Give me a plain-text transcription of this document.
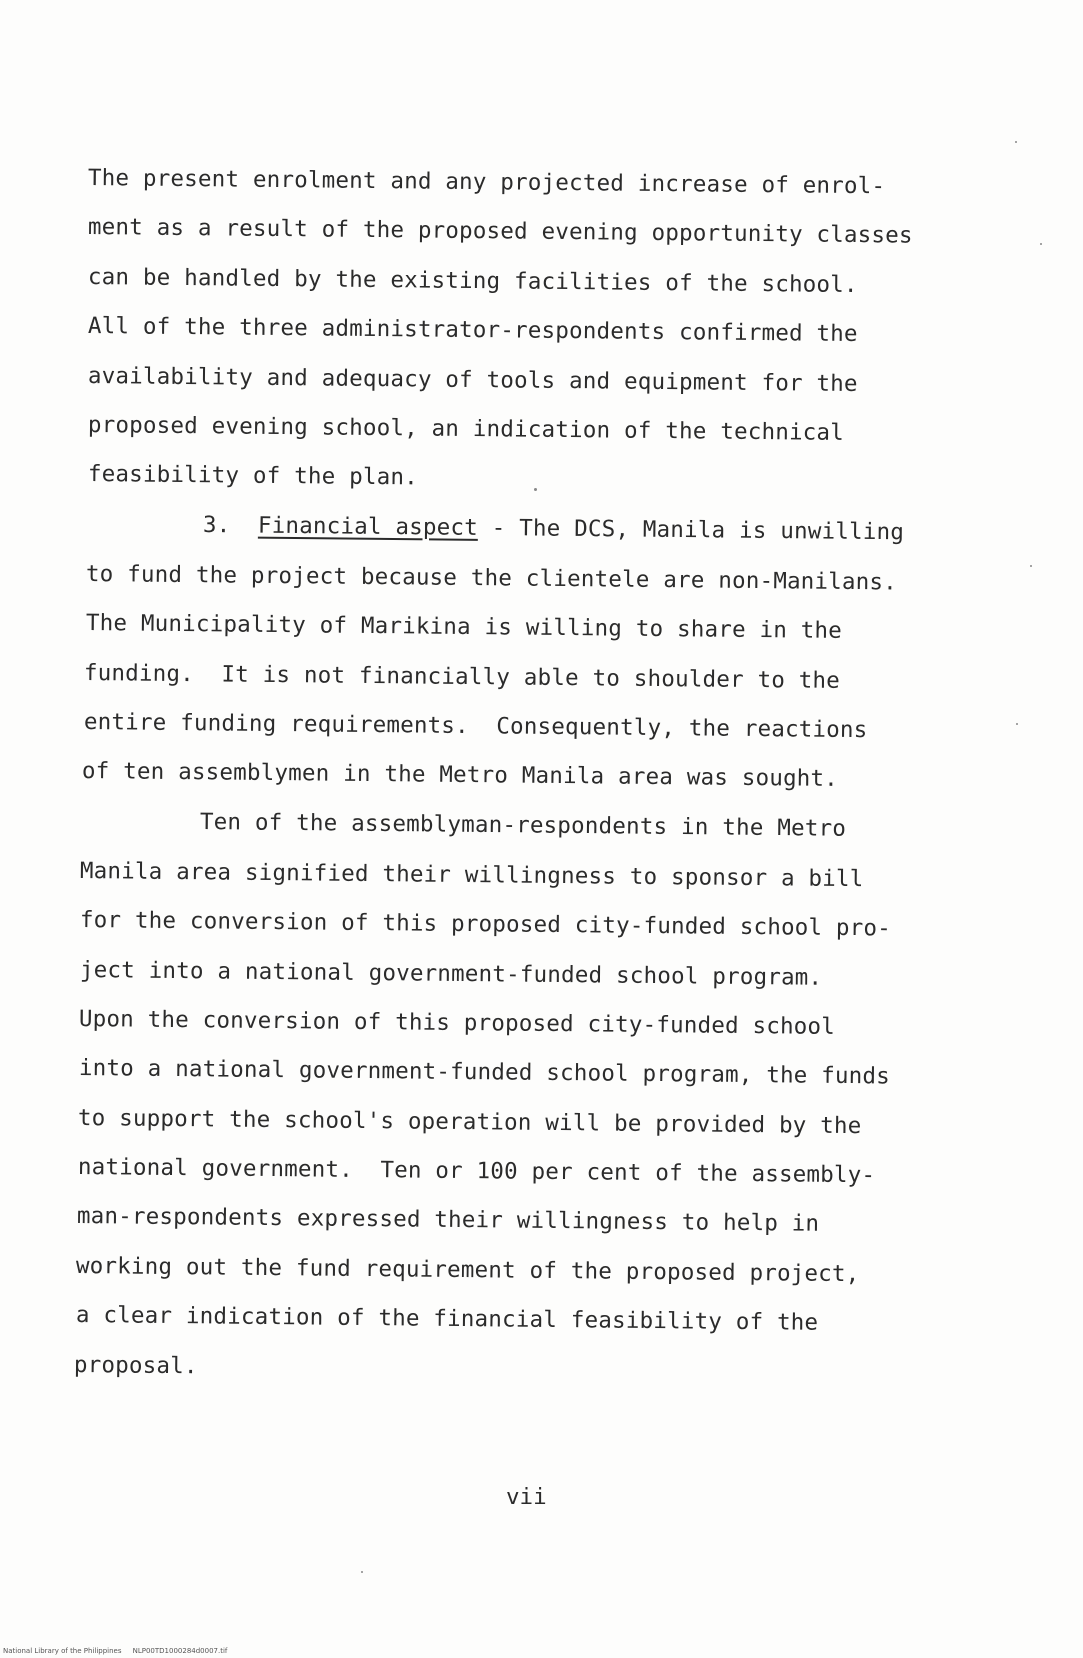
The present enrolment and any projected increase of enrol-
ment as a result of the proposed evening opportunity classes
can be handled by the existing facilities of the school.
All of the three administrator-respondents confirmed the
availability and adequacy of tools and equipment for the
proposed evening school, an indication of the technical
feasibility of the plan.
3. Financial aspect - The DCS, Manila is unwilling
to fund the project because the clientele are non-Manilans.
The Municipality of Marikina is willing to share in the
funding.  It is not financially able to shoulder to the
entire funding requirements.  Consequently, the reactions
of ten assemblymen in the Metro Manila area was sought.
Ten of the assemblyman-respondents in the Metro
Manila area signified their willingness to sponsor a bill
for the conversion of this proposed city-funded school pro-
ject into a national government-funded school program.
Upon the conversion of this proposed city-funded school
into a national government-funded school program, the funds
to support the school's operation will be provided by the
national government.  Ten or 100 per cent of the assembly-
man-respondents expressed their willingness to help in
working out the fund requirement of the proposed project,
a clear indication of the financial feasibility of the
proposal.
vii
National Library of the Philippines     NLP00TD1000284d0007.tif
